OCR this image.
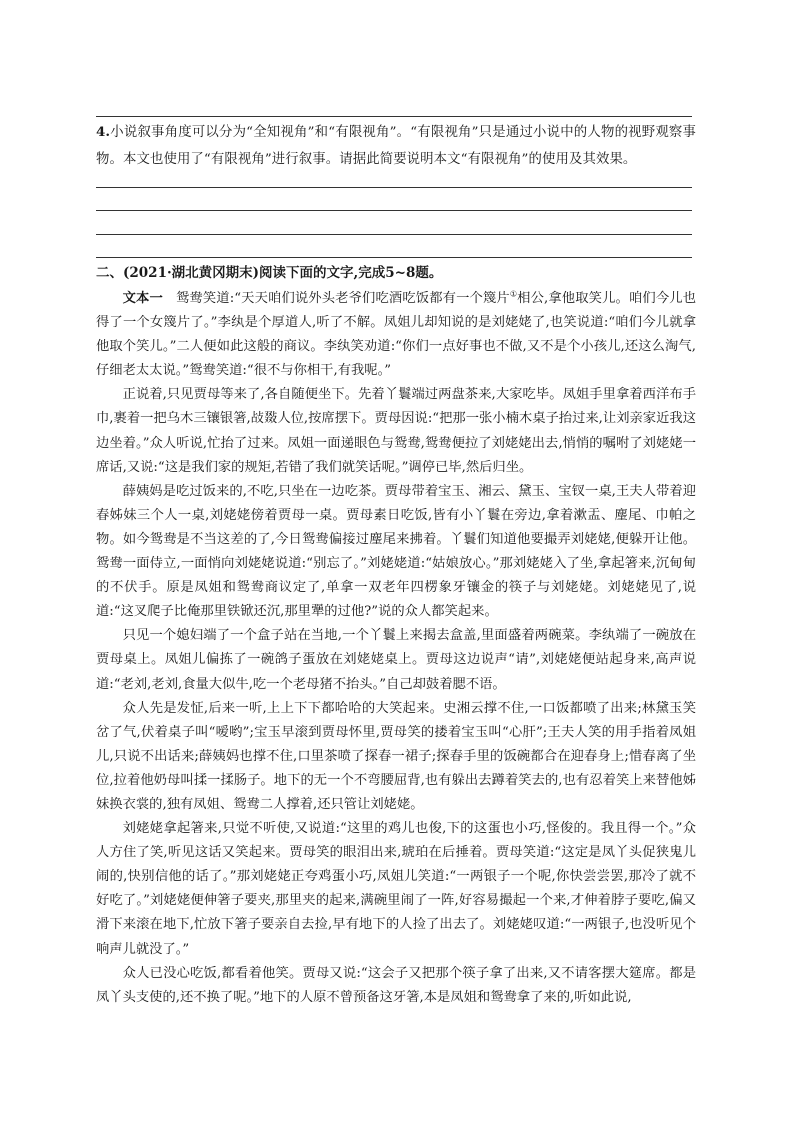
4.小说叙事角度可以分为“全知视角”和“有限视角”。“有限视角”只是通过小说中的人物的视野观察事物。本文也使用了“有限视角”进行叙事。请据此简要说明本文“有限视角”的使用及其效果。
二、(2021·湖北黄冈期末)阅读下面的文字,完成5~8题。

文本一 鸳鸯笑道:“天天咱们说外头老爷们吃酒吃饭都有一个篾片①相公,拿他取笑儿。咱们今儿也得了一个女篾片了。”李纨是个厚道人,听了不解。凤姐儿却知说的是刘姥姥了,也笑说道:“咱们今儿就拿他取个笑儿。”二人便如此这般的商议。李纨笑劝道:“你们一点好事也不做,又不是个小孩儿,还这么淘气,仔细老太太说。”鸳鸯笑道:“很不与你相干,有我呢。”

正说着,只见贾母等来了,各自随便坐下。先着丫鬟端过两盘茶来,大家吃毕。凤姐手里拿着西洋布手巾,裹着一把乌木三镶银箸,敁敠人位,按席摆下。贾母因说:“把那一张小楠木桌子抬过来,让刘亲家近我这边坐着。”众人听说,忙抬了过来。凤姐一面递眼色与鸳鸯,鸳鸯便拉了刘姥姥出去,悄悄的嘱咐了刘姥姥一席话,又说:“这是我们家的规矩,若错了我们就笑话呢。”调停已毕,然后归坐。

薛姨妈是吃过饭来的,不吃,只坐在一边吃茶。贾母带着宝玉、湘云、黛玉、宝钗一桌,王夫人带着迎春姊妹三个人一桌,刘姥姥傍着贾母一桌。贾母素日吃饭,皆有小丫鬟在旁边,拿着漱盂、麈尾、巾帕之物。如今鸳鸯是不当这差的了,今日鸳鸯偏接过麈尾来拂着。丫鬟们知道他要撮弄刘姥姥,便躲开让他。鸳鸯一面侍立,一面悄向刘姥姥说道:“别忘了。”刘姥姥道:“姑娘放心。”那刘姥姥入了坐,拿起箸来,沉甸甸的不伏手。原是凤姐和鸳鸯商议定了,单拿一双老年四楞象牙镶金的筷子与刘姥姥。刘姥姥见了,说道:“这叉爬子比俺那里铁锨还沉,那里犟的过他?”说的众人都笑起来。

只见一个媳妇端了一个盒子站在当地,一个丫鬟上来揭去盒盖,里面盛着两碗菜。李纨端了一碗放在贾母桌上。凤姐儿偏拣了一碗鸽子蛋放在刘姥姥桌上。贾母这边说声“请”,刘姥姥便站起身来,高声说道:“老刘,老刘,食量大似牛,吃一个老母猪不抬头。”自己却鼓着腮不语。

众人先是发怔,后来一听,上上下下都哈哈的大笑起来。史湘云撑不住,一口饭都喷了出来;林黛玉笑岔了气,伏着桌子叫“嗳哟”;宝玉早滚到贾母怀里,贾母笑的搂着宝玉叫“心肝”;王夫人笑的用手指着凤姐儿,只说不出话来;薛姨妈也撑不住,口里茶喷了探春一裙子;探春手里的饭碗都合在迎春身上;惜春离了坐位,拉着他奶母叫揉一揉肠子。地下的无一个不弯腰屈背,也有躲出去蹲着笑去的,也有忍着笑上来替他姊妹换衣裳的,独有凤姐、鸳鸯二人撑着,还只管让刘姥姥。

刘姥姥拿起箸来,只觉不听使,又说道:“这里的鸡儿也俊,下的这蛋也小巧,怪俊的。我且得一个。”众人方住了笑,听见这话又笑起来。贾母笑的眼泪出来,琥珀在后捶着。贾母笑道:“这定是凤丫头促狭鬼儿闹的,快别信他的话了。”那刘姥姥正夸鸡蛋小巧,凤姐儿笑道:“一两银子一个呢,你快尝尝罢,那冷了就不好吃了。”刘姥姥便伸箸子要夹,那里夹的起来,满碗里闹了一阵,好容易撮起一个来,才伸着脖子要吃,偏又滑下来滚在地下,忙放下箸子要亲自去捡,早有地下的人捡了出去了。刘姥姥叹道:“一两银子,也没听见个响声儿就没了。”

众人已没心吃饭,都看着他笑。贾母又说:“这会子又把那个筷子拿了出来,又不请客摆大筵席。都是凤丫头支使的,还不换了呢。”地下的人原不曾预备这牙箸,本是凤姐和鸳鸯拿了来的,听如此说,
